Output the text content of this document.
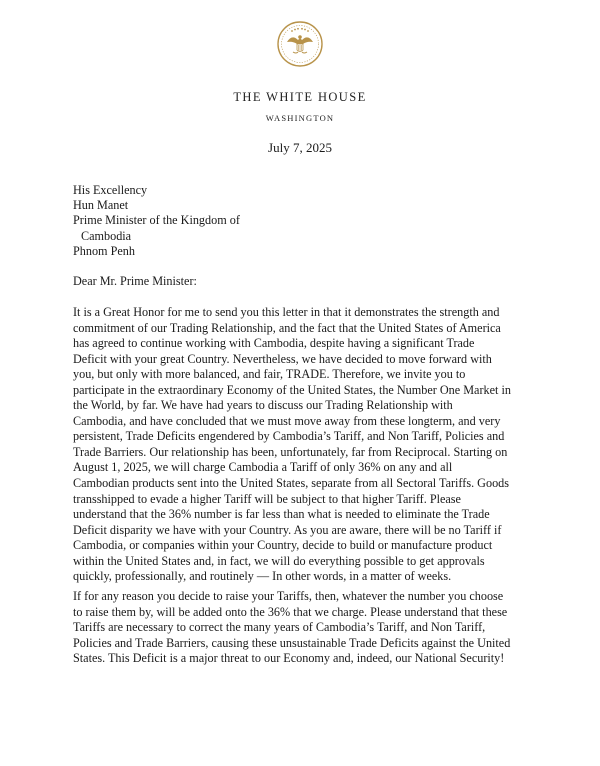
THE WHITE HOUSE
WASHINGTON
July 7, 2025
His Excellency
Hun Manet
Prime Minister of the Kingdom of
Cambodia
Phnom Penh
Dear Mr. Prime Minister:
It is a Great Honor for me to send you this letter in that it demonstrates the strength and
commitment of our Trading Relationship, and the fact that the United States of America
has agreed to continue working with Cambodia, despite having a significant Trade
Deficit with your great Country. Nevertheless, we have decided to move forward with
you, but only with more balanced, and fair, TRADE. Therefore, we invite you to
participate in the extraordinary Economy of the United States, the Number One Market in
the World, by far. We have had years to discuss our Trading Relationship with
Cambodia, and have concluded that we must move away from these longterm, and very
persistent, Trade Deficits engendered by Cambodia’s Tariff, and Non Tariff, Policies and
Trade Barriers. Our relationship has been, unfortunately, far from Reciprocal. Starting on
August 1, 2025, we will charge Cambodia a Tariff of only 36% on any and all
Cambodian products sent into the United States, separate from all Sectoral Tariffs. Goods
transshipped to evade a higher Tariff will be subject to that higher Tariff. Please
understand that the 36% number is far less than what is needed to eliminate the Trade
Deficit disparity we have with your Country. As you are aware, there will be no Tariff if
Cambodia, or companies within your Country, decide to build or manufacture product
within the United States and, in fact, we will do everything possible to get approvals
quickly, professionally, and routinely — In other words, in a matter of weeks.
If for any reason you decide to raise your Tariffs, then, whatever the number you choose
to raise them by, will be added onto the 36% that we charge. Please understand that these
Tariffs are necessary to correct the many years of Cambodia’s Tariff, and Non Tariff,
Policies and Trade Barriers, causing these unsustainable Trade Deficits against the United
States. This Deficit is a major threat to our Economy and, indeed, our National Security!
